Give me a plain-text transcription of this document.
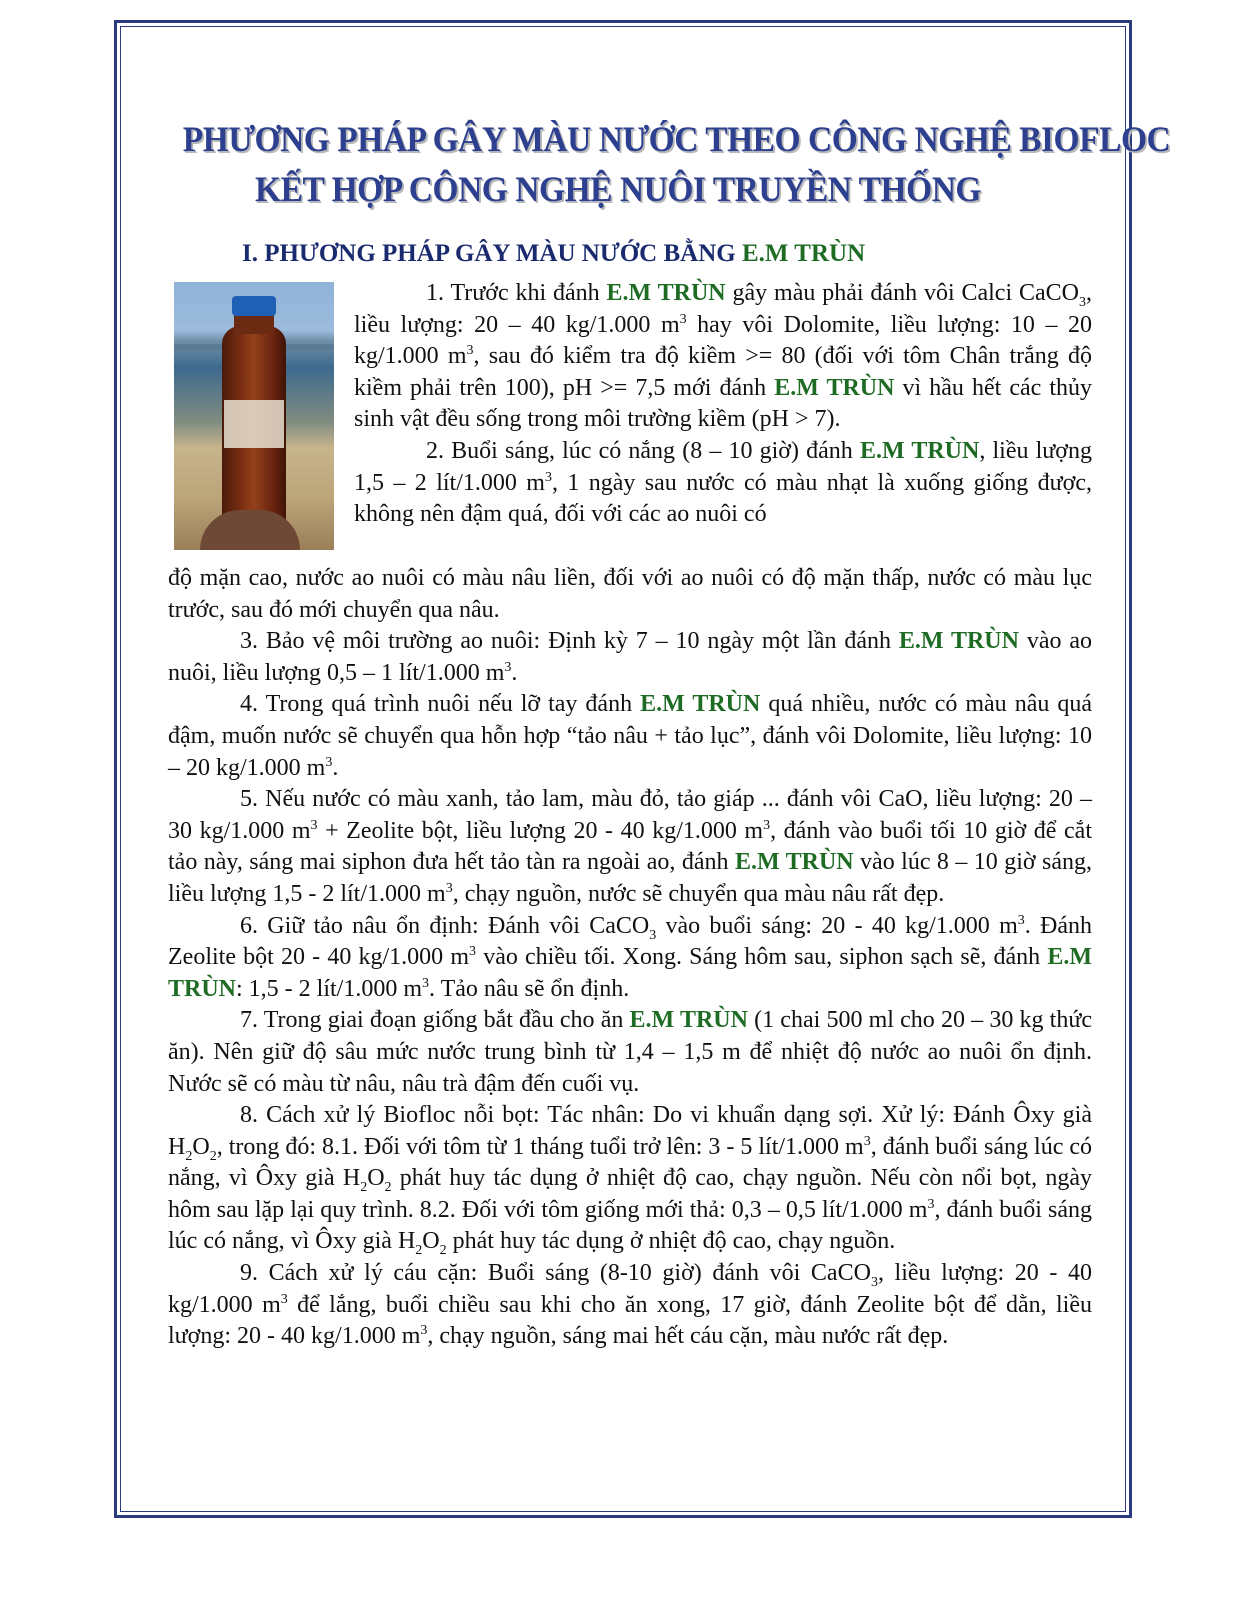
PHƯƠNG PHÁP GÂY MÀU NƯỚC THEO CÔNG NGHỆ BIOFLOC
KẾT HỢP CÔNG NGHỆ NUÔI TRUYỀN THỐNG
I. PHƯƠNG PHÁP GÂY MÀU NƯỚC BẰNG E.M TRÙN

1. Trước khi đánh E.M TRÙN gây màu phải đánh vôi Calci CaCO$_3$, liều lượng: 20 – 40 kg/1.000 $m^3$ hay vôi Dolomite, liều lượng: 10 – 20 kg/1.000 $m^3$, sau đó kiểm tra độ kiềm >= 80 (đối với tôm Chân trắng độ kiềm phải trên 100), pH >= 7,5 mới đánh E.M TRÙN vì hầu hết các thủy sinh vật đều sống trong môi trường kiềm (pH > 7).

2. Buổi sáng, lúc có nắng (8 – 10 giờ) đánh E.M TRÙN, liều lượng 1,5 – 2 lít/1.000 $m^3$, 1 ngày sau nước có màu nhạt là xuống giống được, không nên đậm quá, đối với các ao nuôi có

độ mặn cao, nước ao nuôi có màu nâu liền, đối với ao nuôi có độ mặn thấp, nước có màu lục trước, sau đó mới chuyển qua nâu.

3. Bảo vệ môi trường ao nuôi: Định kỳ 7 – 10 ngày một lần đánh E.M TRÙN vào ao nuôi, liều lượng 0,5 – 1 lít/1.000 $m^3$.

4. Trong quá trình nuôi nếu lỡ tay đánh E.M TRÙN quá nhiều, nước có màu nâu quá đậm, muốn nước sẽ chuyển qua hỗn hợp “tảo nâu + tảo lục”, đánh vôi Dolomite, liều lượng: 10 – 20 kg/1.000 $m^3$.

5. Nếu nước có màu xanh, tảo lam, màu đỏ, tảo giáp ... đánh vôi CaO, liều lượng: 20 – 30 kg/1.000 $m^3$ + Zeolite bột, liều lượng 20 - 40 kg/1.000 $m^3$, đánh vào buổi tối 10 giờ để cắt tảo này, sáng mai siphon đưa hết tảo tàn ra ngoài ao, đánh E.M TRÙN vào lúc 8 – 10 giờ sáng, liều lượng 1,5 - 2 lít/1.000 $m^3$, chạy nguồn, nước sẽ chuyển qua màu nâu rất đẹp.

6. Giữ tảo nâu ổn định: Đánh vôi CaCO$_3$ vào buổi sáng: 20 - 40 kg/1.000 $m^3$. Đánh Zeolite bột 20 - 40 kg/1.000 $m^3$ vào chiều tối. Xong. Sáng hôm sau, siphon sạch sẽ, đánh E.M TRÙN: 1,5 - 2 lít/1.000 $m^3$. Tảo nâu sẽ ổn định.

7. Trong giai đoạn giống bắt đầu cho ăn E.M TRÙN (1 chai 500 ml cho 20 – 30 kg thức ăn). Nên giữ độ sâu mức nước trung bình từ 1,4 – 1,5 m để nhiệt độ nước ao nuôi ổn định. Nước sẽ có màu từ nâu, nâu trà đậm đến cuối vụ.

8. Cách xử lý Biofloc nỗi bọt: Tác nhân: Do vi khuẩn dạng sợi. Xử lý: Đánh Ôxy già $H_2O_2$, trong đó: 8.1. Đối với tôm từ 1 tháng tuổi trở lên: 3 - 5 lít/1.000 $m^3$, đánh buổi sáng lúc có nắng, vì Ôxy già $H_2O_2$ phát huy tác dụng ở nhiệt độ cao, chạy nguồn. Nếu còn nổi bọt, ngày hôm sau lặp lại quy trình. 8.2. Đối với tôm giống mới thả: 0,3 – 0,5 lít/1.000 $m^3$, đánh buổi sáng lúc có nắng, vì Ôxy già $H_2O_2$ phát huy tác dụng ở nhiệt độ cao, chạy nguồn.

9. Cách xử lý cáu cặn: Buổi sáng (8-10 giờ) đánh vôi CaCO$_3$, liều lượng: 20 - 40 kg/1.000 $m^3$ để lắng, buổi chiều sau khi cho ăn xong, 17 giờ, đánh Zeolite bột để dằn, liều lượng: 20 - 40 kg/1.000 $m^3$, chạy nguồn, sáng mai hết cáu cặn, màu nước rất đẹp.
